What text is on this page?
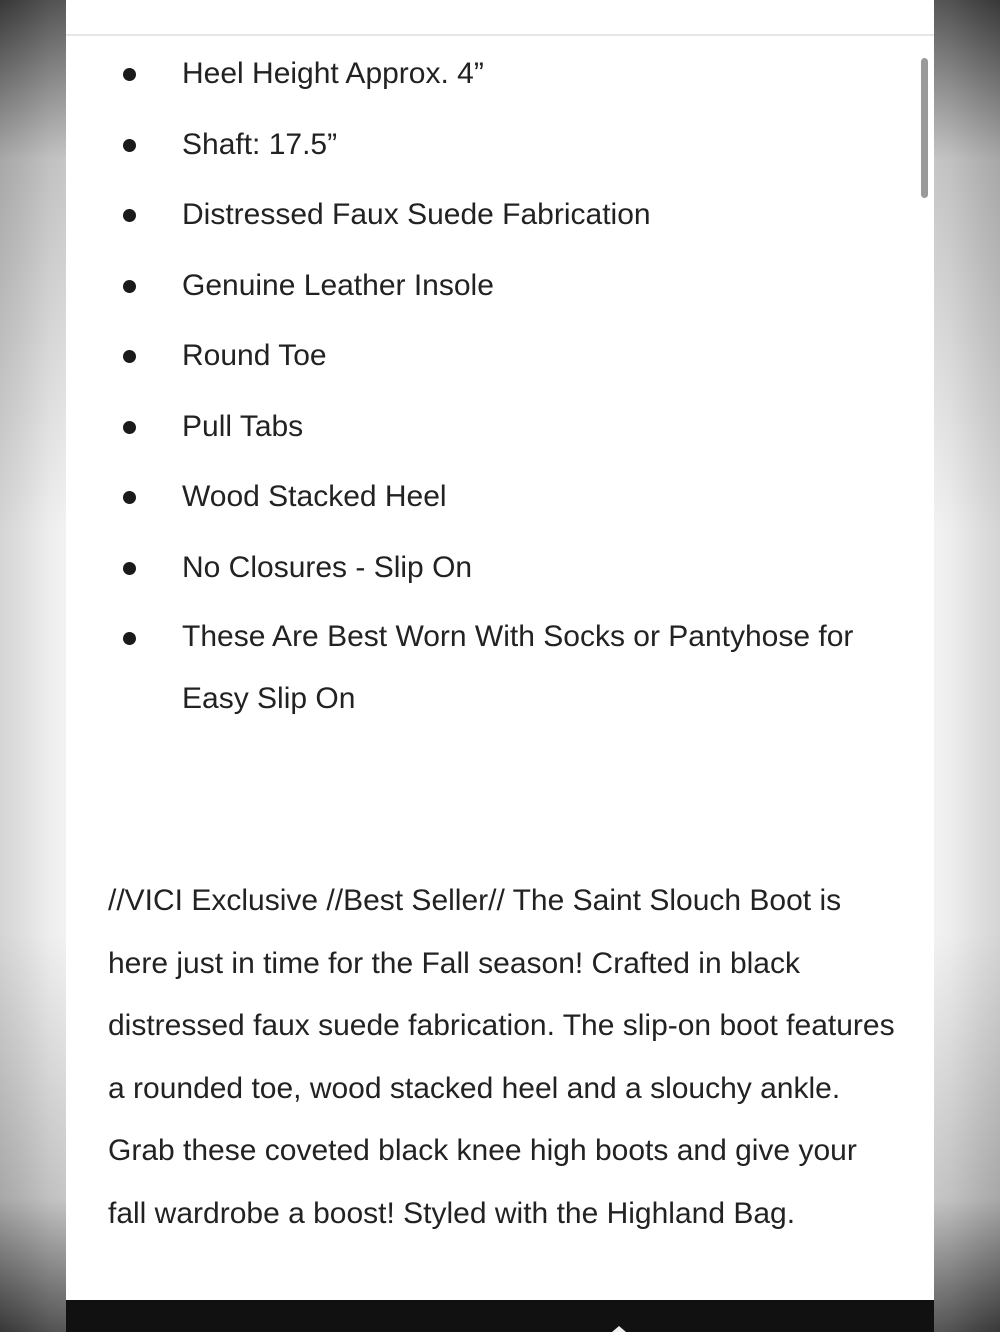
Heel Height Approx. 4”
Shaft: 17.5”
Distressed Faux Suede Fabrication
Genuine Leather Insole
Round Toe
Pull Tabs
Wood Stacked Heel
No Closures - Slip On
These Are Best Worn With Socks or Pantyhose for Easy Slip On

//VICI Exclusive //Best Seller// The Saint Slouch Boot is here just in time for the Fall season! Crafted in black distressed faux suede fabrication. The slip-on boot features a rounded toe, wood stacked heel and a slouchy ankle. Grab these coveted black knee high boots and give your fall wardrobe a boost! Styled with the Highland Bag.
